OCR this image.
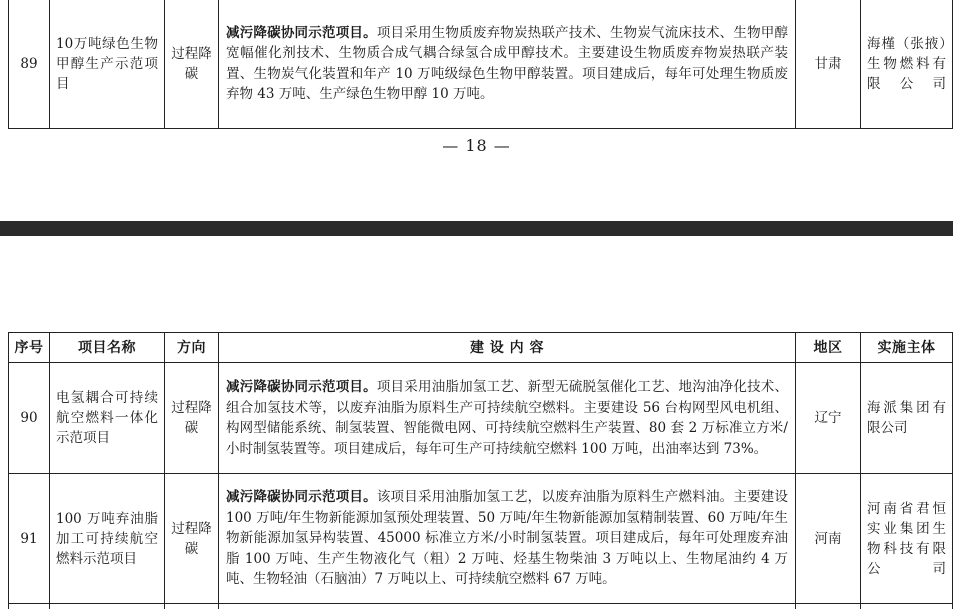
89	10万吨绿色生物甲醇生产示范项目	过程降碳	减污降碳协同示范项目。项目采用生物质废弃物炭热联产技术、生物炭气流床技术、生物甲醇宽幅催化剂技术、生物质合成气耦合绿氢合成甲醇技术。主要建设生物质废弃物炭热联产装置、生物炭气化装置和年产 10 万吨级绿色生物甲醇装置。项目建成后，每年可处理生物质废弃物 43 万吨、生产绿色生物甲醇 10 万吨。	甘肃	海槿（张掖）生物燃料有限公司
— 18 —
序号	项目名称	方向	建 设 内 容	地区	实施主体
90	电氢耦合可持续航空燃料一体化示范项目	过程降碳	减污降碳协同示范项目。项目采用油脂加氢工艺、新型无硫脱氢催化工艺、地沟油净化技术、组合加氢技术等，以废弃油脂为原料生产可持续航空燃料。主要建设 56 台构网型风电机组、构网型储能系统、制氢装置、智能微电网、可持续航空燃料生产装置、80 套 2 万标准立方米/小时制氢装置等。项目建成后，每年可生产可持续航空燃料 100 万吨，出油率达到 73%。	辽宁	海派集团有限公司
91	100 万吨弃油脂加工可持续航空燃料示范项目	过程降碳	减污降碳协同示范项目。该项目采用油脂加氢工艺，以废弃油脂为原料生产燃料油。主要建设 100 万吨/年生物新能源加氢预处理装置、50 万吨/年生物新能源加氢精制装置、60 万吨/年生物新能源加氢异构装置、45000 标准立方米/小时制氢装置。项目建成后，每年可处理废弃油脂 100 万吨、生产生物液化气（粗）2 万吨、烃基生物柴油 3 万吨以上、生物尾油约 4 万吨、生物轻油（石脑油）7 万吨以上、可持续航空燃料 67 万吨。	河南	河南省君恒实业集团生物科技有限公司
